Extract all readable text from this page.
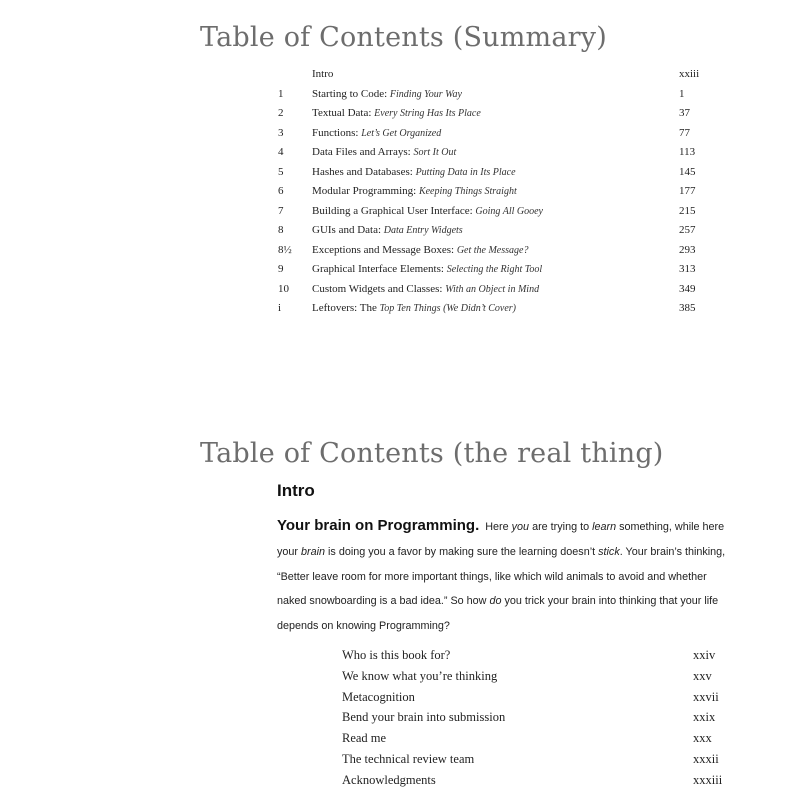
Table of Contents (Summary)
Intro	xxiii
1	Starting to Code: Finding Your Way	1
2	Textual Data: Every String Has Its Place	37
3	Functions: Let’s Get Organized	77
4	Data Files and Arrays: Sort It Out	113
5	Hashes and Databases: Putting Data in Its Place	145
6	Modular Programming: Keeping Things Straight	177
7	Building a Graphical User Interface: Going All Gooey	215
8	GUIs and Data: Data Entry Widgets	257
8½ Exceptions and Message Boxes: Get the Message?	293
9	Graphical Interface Elements: Selecting the Right Tool	313
10 Custom Widgets and Classes: With an Object in Mind	349
i	Leftovers: The Top Ten Things (We Didn’t Cover)	385
Table of Contents (the real thing)
Intro

Your brain on Programming. Here you are trying to learn something, while here your brain is doing you a favor by making sure the learning doesn’t stick. Your brain’s thinking, “Better leave room for more important things, like which wild animals to avoid and whether naked snowboarding is a bad idea.” So how do you trick your brain into thinking that your life depends on knowing Programming?

Who is this book for?	xxiv
We know what you’re thinking	xxv
Metacognition	xxvii
Bend your brain into submission	xxix
Read me	xxx
The technical review team	xxxii
Acknowledgments	xxxiii
